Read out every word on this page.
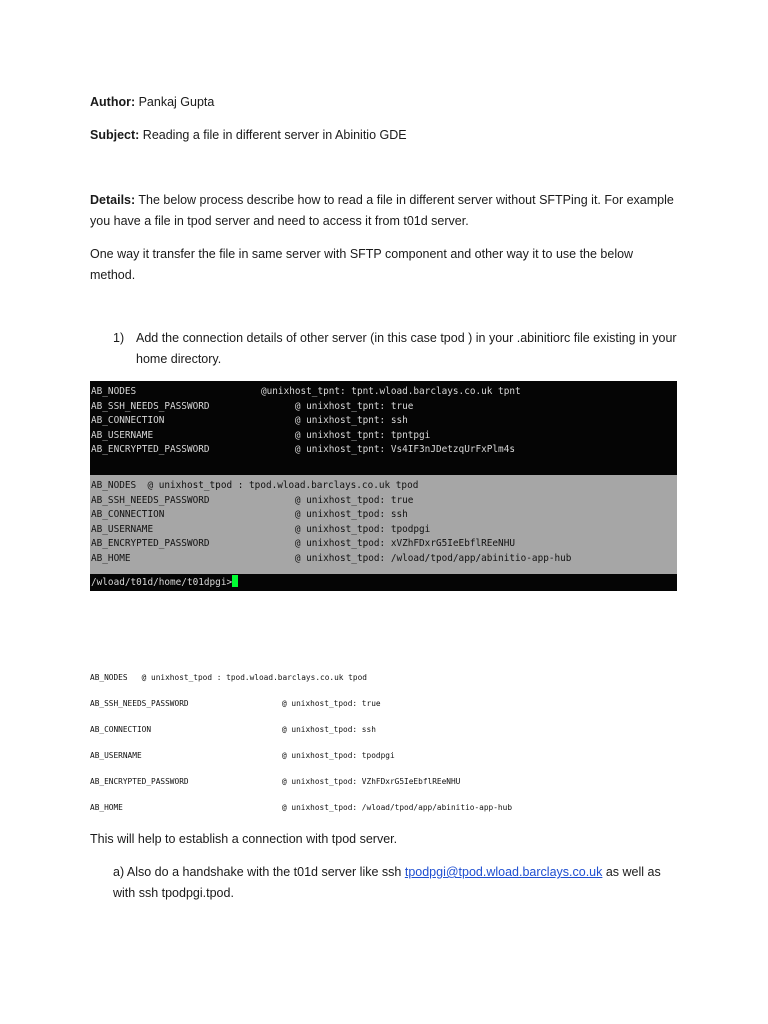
Author: Pankaj Gupta

Subject: Reading a file in different server in Abinitio GDE

Details: The below process describe how to read a file in different server without SFTPing it. For example you have a file in tpod server and need to access it from t01d server.

One way it transfer the file in same server with SFTP component and other way it to use the below method.

1) Add the connection details of other server (in this case tpod ) in your .abinitiorc file existing in your home directory.
AB_NODES	@unixhost_tpnt: tpnt.wload.barclays.co.uk tpnt
AB_SSH_NEEDS_PASSWORD	@ unixhost_tpnt: true
AB_CONNECTION	@ unixhost_tpnt: ssh
AB_USERNAME	@ unixhost_tpnt: tpntpgi
AB_ENCRYPTED_PASSWORD	@ unixhost_tpnt: Vs4IF3nJDetzqUrFxPlm4s
AB_NODES  @ unixhost_tpod : tpod.wload.barclays.co.uk tpod
AB_SSH_NEEDS_PASSWORD	@ unixhost_tpod: true
AB_CONNECTION	@ unixhost_tpod: ssh
AB_USERNAME	@ unixhost_tpod: tpodpgi
AB_ENCRYPTED_PASSWORD	@ unixhost_tpod: xVZhFDxrG5IeEbflREeNHU
AB_HOME	@ unixhost_tpod: /wload/tpod/app/abinitio-app-hub
/wload/t01d/home/t01dpgi>
AB_NODES   @ unixhost_tpod : tpod.wload.barclays.co.uk tpod
AB_SSH_NEEDS_PASSWORD	@ unixhost_tpod: true
AB_CONNECTION	@ unixhost_tpod: ssh
AB_USERNAME	@ unixhost_tpod: tpodpgi
AB_ENCRYPTED_PASSWORD	@ unixhost_tpod: VZhFDxrG5IeEbflREeNHU
AB_HOME	@ unixhost_tpod: /wload/tpod/app/abinitio-app-hub

This will help to establish a connection with tpod server.

a) Also do a handshake with the t01d server like ssh tpodpgi@tpod.wload.barclays.co.uk as well as with ssh tpodpgi.tpod.
